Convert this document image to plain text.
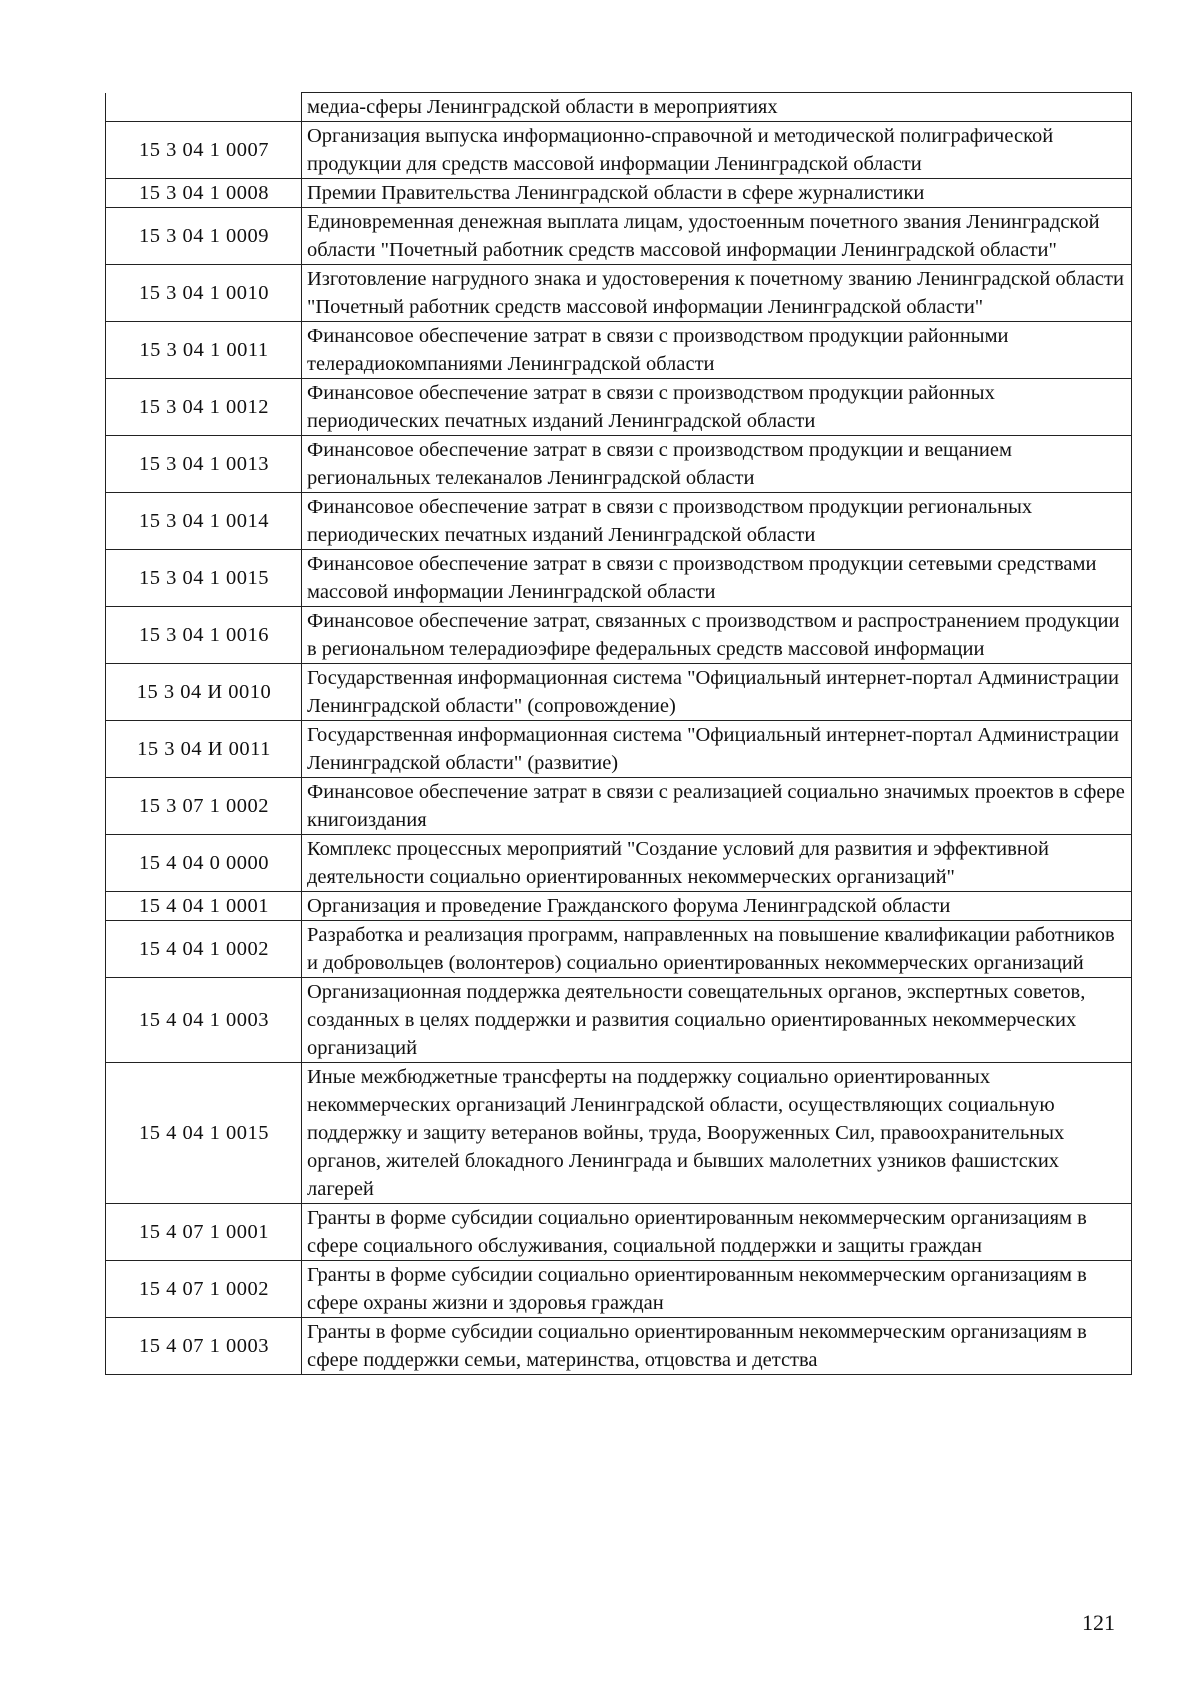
	медиа-сферы Ленинградской области в мероприятиях
15 3 04 1 0007	Организация выпуска информационно-справочной и методической полиграфической продукции для средств массовой информации Ленинградской области
15 3 04 1 0008	Премии Правительства Ленинградской области в сфере журналистики
15 3 04 1 0009	Единовременная денежная выплата лицам, удостоенным почетного звания Ленинградской области "Почетный работник средств массовой информации Ленинградской области"
15 3 04 1 0010	Изготовление нагрудного знака и удостоверения к почетному званию Ленинградской области "Почетный работник средств массовой информации Ленинградской области"
15 3 04 1 0011	Финансовое обеспечение затрат в связи с производством продукции районными телерадиокомпаниями Ленинградской области
15 3 04 1 0012	Финансовое обеспечение затрат в связи с производством продукции районных периодических печатных изданий Ленинградской области
15 3 04 1 0013	Финансовое обеспечение затрат в связи с производством продукции и вещанием региональных телеканалов Ленинградской области
15 3 04 1 0014	Финансовое обеспечение затрат в связи с производством продукции региональных периодических печатных изданий Ленинградской области
15 3 04 1 0015	Финансовое обеспечение затрат в связи с производством продукции сетевыми средствами массовой информации Ленинградской области
15 3 04 1 0016	Финансовое обеспечение затрат, связанных с производством и распространением продукции в региональном телерадиоэфире федеральных средств массовой информации
15 3 04 И 0010	Государственная информационная система "Официальный интернет-портал Администрации Ленинградской области" (сопровождение)
15 3 04 И 0011	Государственная информационная система "Официальный интернет-портал Администрации Ленинградской области" (развитие)
15 3 07 1 0002	Финансовое обеспечение затрат в связи с реализацией социально значимых проектов в сфере книгоиздания
15 4 04 0 0000	Комплекс процессных мероприятий "Создание условий для развития и эффективной деятельности социально ориентированных некоммерческих организаций"
15 4 04 1 0001	Организация и проведение Гражданского форума Ленинградской области
15 4 04 1 0002	Разработка и реализация программ, направленных на повышение квалификации работников и добровольцев (волонтеров) социально ориентированных некоммерческих организаций
15 4 04 1 0003	Организационная поддержка деятельности совещательных органов, экспертных советов, созданных в целях поддержки и развития социально ориентированных некоммерческих организаций
15 4 04 1 0015	Иные межбюджетные трансферты на поддержку социально ориентированных некоммерческих организаций Ленинградской области, осуществляющих социальную поддержку и защиту ветеранов войны, труда, Вооруженных Сил, правоохранительных органов, жителей блокадного Ленинграда и бывших малолетних узников фашистских лагерей
15 4 07 1 0001	Гранты в форме субсидии социально ориентированным некоммерческим организациям в сфере социального обслуживания, социальной поддержки и защиты граждан
15 4 07 1 0002	Гранты в форме субсидии социально ориентированным некоммерческим организациям в сфере охраны жизни и здоровья граждан
15 4 07 1 0003	Гранты в форме субсидии социально ориентированным некоммерческим организациям в сфере поддержки семьи, материнства, отцовства и детства
121
